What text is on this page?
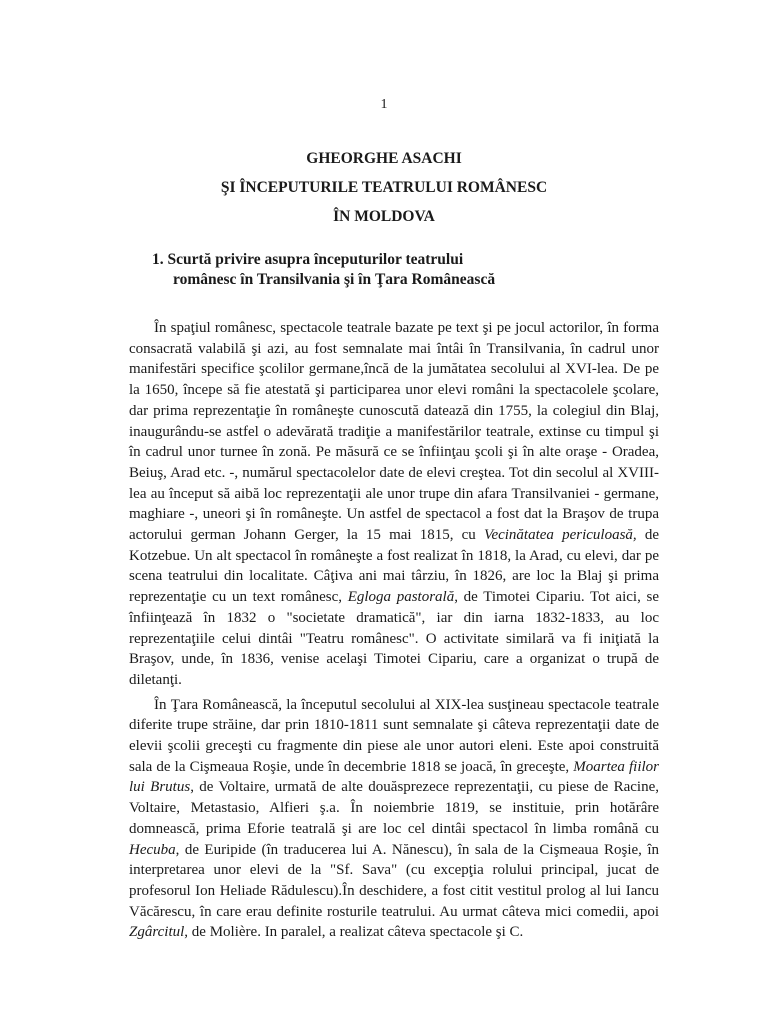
1
GHEORGHE ASACHI
ŞI ÎNCEPUTURILE TEATRULUI ROMÂNESC
ÎN MOLDOVA
1. Scurtă privire asupra începuturilor teatrului
românesc în Transilvania şi în Ţara Românească

În spaţiul românesc, spectacole teatrale bazate pe text şi pe jocul actorilor, în forma consacrată valabilă şi azi, au fost semnalate mai întâi în Transilvania, în cadrul unor manifestări specifice şcolilor germane,încă de la jumătatea secolului al XVI-lea. De pe la 1650, începe să fie atestată şi participarea unor elevi români la spectacolele şcolare, dar prima reprezentaţie în româneşte cunoscută datează din 1755, la colegiul din Blaj, inaugurându-se astfel o adevărată tradiţie a manifestărilor teatrale, extinse cu timpul şi în cadrul unor turnee în zonă. Pe măsură ce se înfiinţau şcoli şi în alte oraşe - Oradea, Beiuş, Arad etc. -, numărul spectacolelor date de elevi creştea. Tot din secolul al XVIII-lea au început să aibă loc reprezentaţii ale unor trupe din afara Transilvaniei - germane, maghiare -, uneori şi în româneşte. Un astfel de spectacol a fost dat la Braşov de trupa actorului german Johann Gerger, la 15 mai 1815, cu Vecinătatea periculoasă, de Kotzebue. Un alt spectacol în româneşte a fost realizat în 1818, la Arad, cu elevi, dar pe scena teatrului din localitate. Câţiva ani mai târziu, în 1826, are loc la Blaj şi prima reprezentaţie cu un text românesc, Egloga pastorală, de Timotei Cipariu. Tot aici, se înfiinţează în 1832 o "societate dramatică", iar din iarna 1832-1833, au loc reprezentaţiile celui dintâi "Teatru românesc". O activitate similară va fi iniţiată la Braşov, unde, în 1836, venise acelaşi Timotei Cipariu, care a organizat o trupă de diletanţi.

În Ţara Românească, la începutul secolului al XIX-lea susţineau spectacole teatrale diferite trupe străine, dar prin 1810-1811 sunt semnalate şi câteva reprezentaţii date de elevii şcolii greceşti cu fragmente din piese ale unor autori eleni. Este apoi construită sala de la Cişmeaua Roşie, unde în decembrie 1818 se joacă, în greceşte, Moartea fiilor lui Brutus, de Voltaire, urmată de alte douăsprezece reprezentaţii, cu piese de Racine, Voltaire, Metastasio, Alfieri ş.a. În noiembrie 1819, se instituie, prin hotărâre domnească, prima Eforie teatrală şi are loc cel dintâi spectacol în limba română cu Hecuba, de Euripide (în traducerea lui A. Nănescu), în sala de la Cişmeaua Roşie, în interpretarea unor elevi de la "Sf. Sava" (cu excepţia rolului principal, jucat de profesorul Ion Heliade Rădulescu).În deschidere, a fost citit vestitul prolog al lui Iancu Văcărescu, în care erau definite rosturile teatrului. Au urmat câteva mici comedii, apoi Zgârcitul, de Molière. In paralel, a realizat câteva spectacole şi C.
